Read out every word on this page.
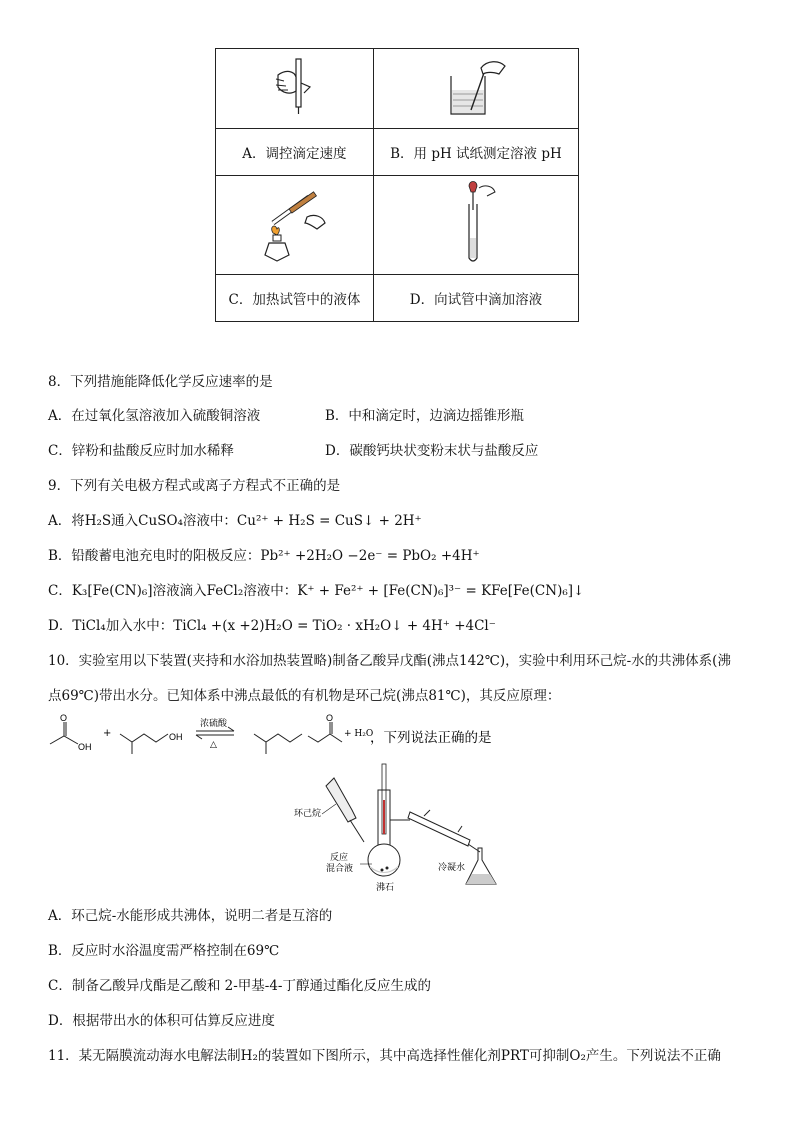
A．调控滴定速度	B．用 pH 试纸测定溶液 pH

C．加热试管中的液体	D．向试管中滴加溶液
8．下列措施能降低化学反应速率的是
A．在过氧化氢溶液加入硫酸铜溶液	B．中和滴定时，边滴边摇锥形瓶
C．锌粉和盐酸反应时加水稀释	D．碳酸钙块状变粉末状与盐酸反应
9．下列有关电极方程式或离子方程式不正确的是
A．将H₂S通入CuSO₄溶液中：Cu²⁺ + H₂S = CuS↓ + 2H⁺
B．铅酸蓄电池充电时的阳极反应：Pb²⁺ +2H₂O −2e⁻ = PbO₂ +4H⁺
C．K₃[Fe(CN)₆]溶液滴入FeCl₂溶液中：K⁺ + Fe²⁺ + [Fe(CN)₆]³⁻ = KFe[Fe(CN)₆]↓
D．TiCl₄加入水中：TiCl₄ +(x +2)H₂O = TiO₂ · xH₂O↓ + 4H⁺ +4Cl⁻
10．实验室用以下装置(夹持和水浴加热装置略)制备乙酸异戊酯(沸点142℃)，实验中利用环己烷-水的共沸体系(沸
点69℃)带出水分。已知体系中沸点最低的有机物是环己烷(沸点81℃)，其反应原理：
O
OH
+	OH
浓硫酸
△
O
+ H₂O
，下列说法正确的是
环己烷
反应
混合液
沸石
冷凝水
A．环己烷-水能形成共沸体，说明二者是互溶的
B．反应时水浴温度需严格控制在69℃
C．制备乙酸异戊酯是乙酸和 2-甲基-4-丁醇通过酯化反应生成的
D．根据带出水的体积可估算反应进度
11．某无隔膜流动海水电解法制H₂的装置如下图所示，其中高选择性催化剂PRT可抑制O₂产生。下列说法不正确
